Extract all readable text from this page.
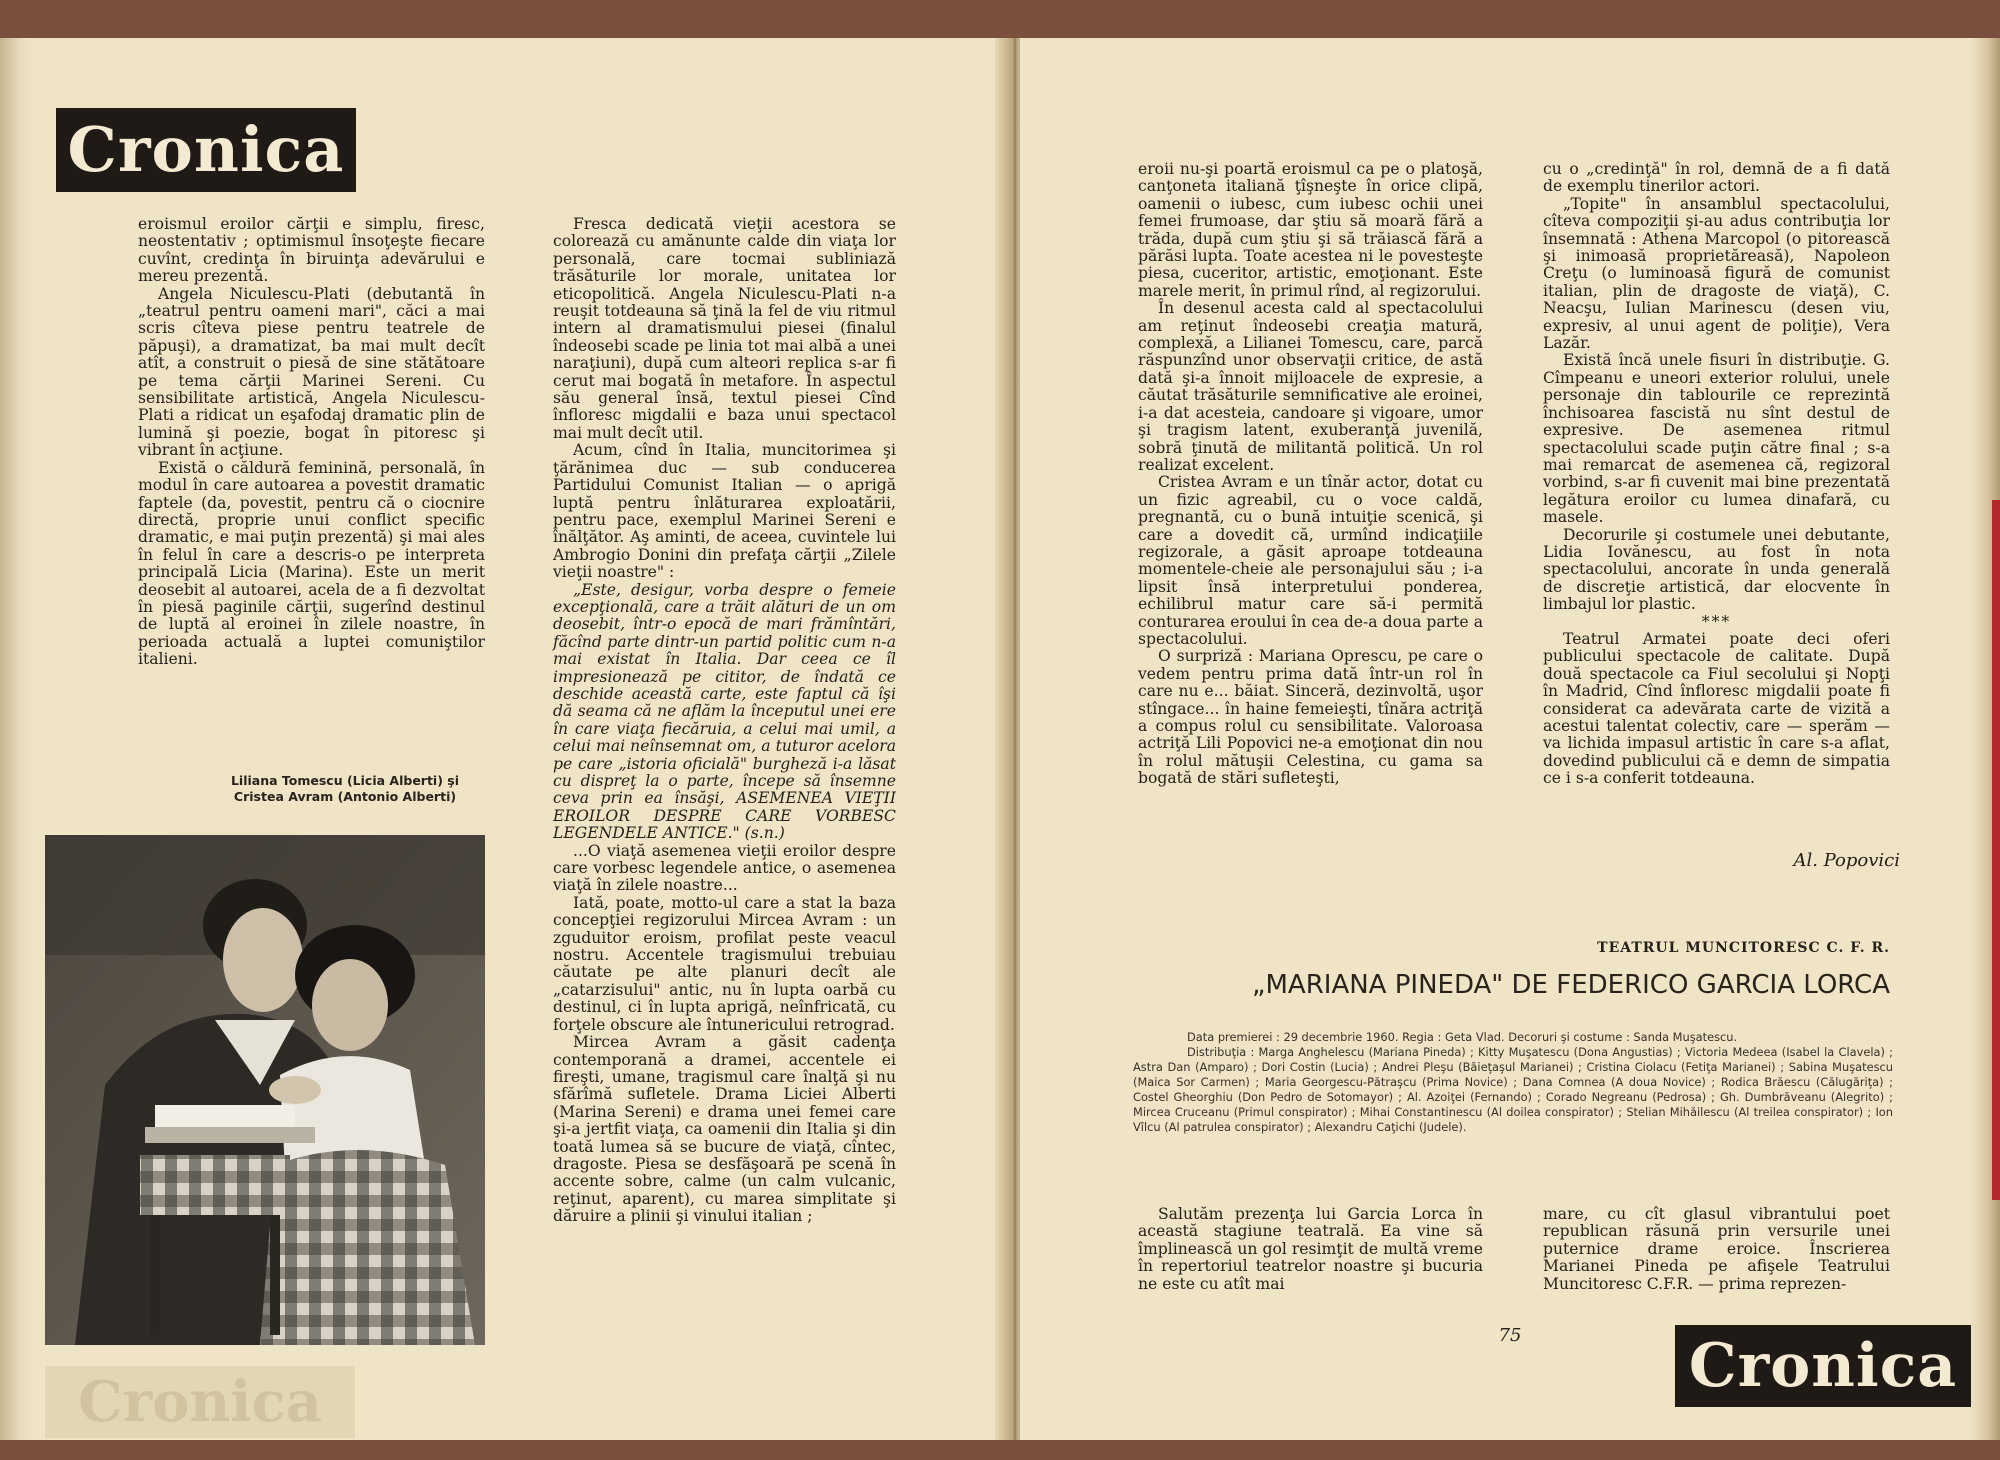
Cronica

eroismul eroilor cărţii e simplu, firesc, neostentativ ; optimismul însoţeşte fiecare cuvînt, credinţa în biruinţa adevărului e mereu prezentă.

Angela Niculescu-Plati (debutantă în „teatrul pentru oameni mari", căci a mai scris cîteva piese pentru teatrele de păpuşi), a dramatizat, ba mai mult decît atît, a construit o piesă de sine stătătoare pe tema cărţii Marinei Sereni. Cu sensibilitate artistică, Angela Niculescu-Plati a ridicat un eşafodaj dramatic plin de lumină şi poezie, bogat în pitoresc şi vibrant în acţiune.

Există o căldură feminină, personală, în modul în care autoarea a povestit dramatic faptele (da, povestit, pentru că o ciocnire directă, proprie unui conflict specific dramatic, e mai puţin prezentă) şi mai ales în felul în care a descris-o pe interpreta principală Licia (Marina). Este un merit deosebit al autoarei, acela de a fi dezvoltat în piesă paginile cărţii, sugerînd destinul de luptă al eroinei în zilele noastre, în perioada actuală a luptei comuniştilor italieni.

Liliana Tomescu (Licia Alberti) şi Cristea Avram (Antonio Alberti)
Cronica

Fresca dedicată vieţii acestora se colorează cu amănunte calde din viaţa lor personală, care tocmai subliniază trăsăturile lor morale, unitatea lor eticopolitică. Angela Niculescu-Plati n-a reuşit totdeauna să ţină la fel de viu ritmul intern al dramatismului piesei (finalul îndeosebi scade pe linia tot mai albă a unei naraţiuni), după cum alteori replica s-ar fi cerut mai bogată în metafore. În aspectul său general însă, textul piesei Cînd înfloresc migdalii e baza unui spectacol mai mult decît util.

Acum, cînd în Italia, muncitorimea şi ţărănimea duc — sub conducerea Partidului Comunist Italian — o aprigă luptă pentru înlăturarea exploatării, pentru pace, exemplul Marinei Sereni e înălţător. Aş aminti, de aceea, cuvintele lui Ambrogio Donini din prefaţa cărţii „Zilele vieţii noastre" :

„Este, desigur, vorba despre o femeie excepţională, care a trăit alături de un om deosebit, într-o epocă de mari frămîntări, făcînd parte dintr-un partid politic cum n-a mai existat în Italia. Dar ceea ce îl impresionează pe cititor, de îndată ce deschide această carte, este faptul că îşi dă seama că ne aflăm la începutul unei ere în care viaţa fiecăruia, a celui mai umil, a celui mai neînsemnat om, a tuturor acelora pe care „istoria oficială" burgheză i-a lăsat cu dispreţ la o parte, începe să însemne ceva prin ea însăşi, ASEMENEA VIEŢII EROILOR DESPRE CARE VORBESC LEGENDELE ANTICE." (s.n.)

...O viaţă asemenea vieţii eroilor despre care vorbesc legendele antice, o asemenea viaţă în zilele noastre...

Iată, poate, motto-ul care a stat la baza concepţiei regizorului Mircea Avram : un zguduitor eroism, profilat peste veacul nostru. Accentele tragismului trebuiau căutate pe alte planuri decît ale „catarzisului" antic, nu în lupta oarbă cu destinul, ci în lupta aprigă, neînfricată, cu forţele obscure ale întunericului retrograd.

Mircea Avram a găsit cadenţa contemporană a dramei, accentele ei fireşti, umane, tragismul care înalţă şi nu sfărîmă sufletele. Drama Liciei Alberti (Marina Sereni) e drama unei femei care şi-a jertfit viaţa, ca oamenii din Italia şi din toată lumea să se bucure de viaţă, cîntec, dragoste. Piesa se desfăşoară pe scenă în accente sobre, calme (un calm vulcanic, reţinut, aparent), cu marea simplitate şi dăruire a plinii şi vinului italian ;

eroii nu-şi poartă eroismul ca pe o platoşă, canţoneta italiană ţîşneşte în orice clipă, oamenii o iubesc, cum iubesc ochii unei femei frumoase, dar ştiu să moară fără a trăda, după cum ştiu şi să trăiască fără a părăsi lupta. Toate acestea ni le povesteşte piesa, cuceritor, artistic, emoţionant. Este marele merit, în primul rînd, al regizorului.

În desenul acesta cald al spectacolului am reţinut îndeosebi creaţia matură, complexă, a Lilianei Tomescu, care, parcă răspunzînd unor observaţii critice, de astă dată şi-a înnoit mijloacele de expresie, a căutat trăsăturile semnificative ale eroinei, i-a dat acesteia, candoare şi vigoare, umor şi tragism latent, exuberanţă juvenilă, sobră ţinută de militantă politică. Un rol realizat excelent.

Cristea Avram e un tînăr actor, dotat cu un fizic agreabil, cu o voce caldă, pregnantă, cu o bună intuiţie scenică, şi care a dovedit că, urmînd indicaţiile regizorale, a găsit aproape totdeauna momentele-cheie ale personajului său ; i-a lipsit însă interpretului ponderea, echilibrul matur care să-i permită conturarea eroului în cea de-a doua parte a spectacolului.

O surpriză : Mariana Oprescu, pe care o vedem pentru prima dată într-un rol în care nu e... băiat. Sinceră, dezinvoltă, uşor stîngace... în haine femeieşti, tînăra actriţă a compus rolul cu sensibilitate. Valoroasa actriţă Lili Popovici ne-a emoţionat din nou în rolul mătuşii Celestina, cu gama sa bogată de stări sufleteşti,

cu o „credinţă" în rol, demnă de a fi dată de exemplu tinerilor actori.

„Topite" în ansamblul spectacolului, cîteva compoziţii şi-au adus contribuţia lor însemnată : Athena Marcopol (o pitorească şi inimoasă proprietăreasă), Napoleon Creţu (o luminoasă figură de comunist italian, plin de dragoste de viaţă), C. Neacşu, Iulian Marinescu (desen viu, expresiv, al unui agent de poliţie), Vera Lazăr.

Există încă unele fisuri în distribuţie. G. Cîmpeanu e uneori exterior rolului, unele personaje din tablourile ce reprezintă închisoarea fascistă nu sînt destul de expresive. De asemenea ritmul spectacolului scade puţin către final ; s-a mai remarcat de asemenea că, regizoral vorbind, s-ar fi cuvenit mai bine prezentată legătura eroilor cu lumea dinafară, cu masele.

Decorurile şi costumele unei debutante, Lidia Iovănescu, au fost în nota spectacolului, ancorate în unda generală de discreţie artistică, dar elocvente în limbajul lor plastic.

***

Teatrul Armatei poate deci oferi publicului spectacole de calitate. După două spectacole ca Fiul secolului şi Nopţi în Madrid, Cînd înfloresc migdalii poate fi considerat ca adevărata carte de vizită a acestui talentat colectiv, care — sperăm — va lichida impasul artistic în care s-a aflat, dovedind publicului că e demn de simpatia ce i s-a conferit totdeauna.

Salutăm prezenţa lui Garcia Lorca în această stagiune teatrală. Ea vine să împlinească un gol resimţit de multă vreme în repertoriul teatrelor noastre şi bucuria ne este cu atît mai

mare, cu cît glasul vibrantului poet republican răsună prin versurile unei puternice drame eroice. Înscrierea Marianei Pineda pe afişele Teatrului Muncitoresc C.F.R. — prima reprezen-

Al. Popovici
TEATRUL MUNCITORESC C. F. R.
„MARIANA PINEDA" DE FEDERICO GARCIA LORCA

Data premierei : 29 decembrie 1960. Regia : Geta Vlad. Decoruri şi costume : Sanda Muşatescu.

Distribuţia : Marga Anghelescu (Mariana Pineda) ; Kitty Muşatescu (Dona Angustias) ; Victoria Medeea (Isabel la Clavela) ; Astra Dan (Amparo) ; Dori Costin (Lucia) ; Andrei Pleşu (Băieţaşul Marianei) ; Cristina Ciolacu (Fetiţa Marianei) ; Sabina Muşatescu (Maica Sor Carmen) ; Maria Georgescu-Pătraşcu (Prima Novice) ; Dana Comnea (A doua Novice) ; Rodica Brăescu (Călugăriţa) ; Costel Gheorghiu (Don Pedro de Sotomayor) ; Al. Azoiţei (Fernando) ; Corado Negreanu (Pedrosa) ; Gh. Dumbrăveanu (Alegrito) ; Mircea Cruceanu (Primul conspirator) ; Mihai Constantinescu (Al doilea conspirator) ; Stelian Mihăilescu (Al treilea conspirator) ; Ion Vîlcu (Al patrulea conspirator) ; Alexandru Caţichi (Judele).

75	Cronica
